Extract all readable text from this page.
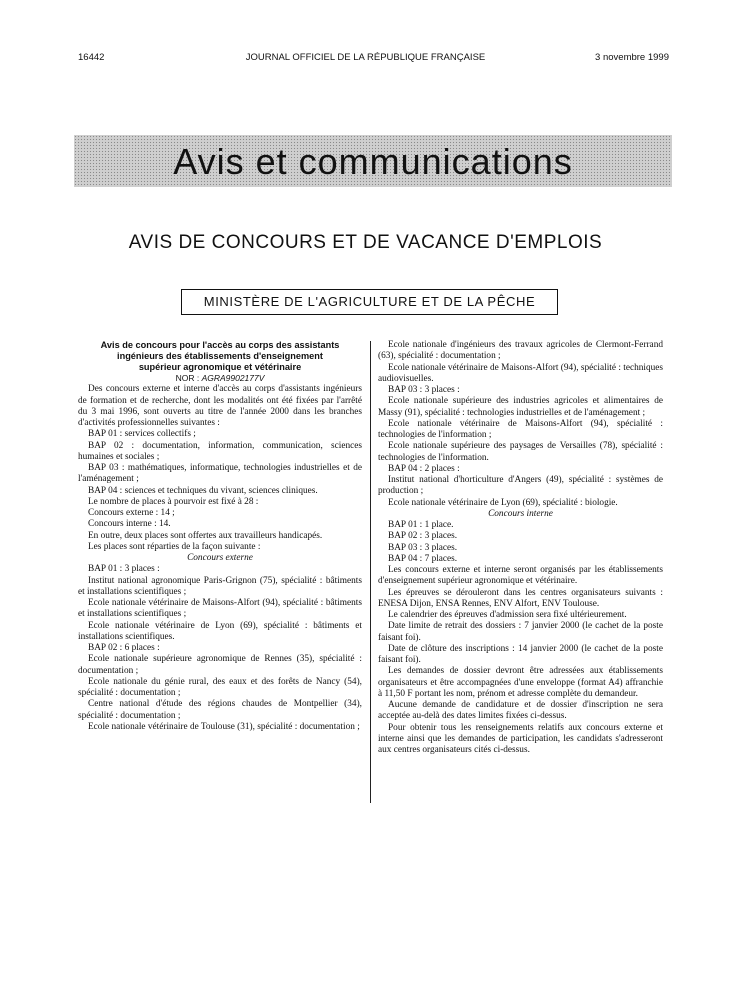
16442	JOURNAL OFFICIEL DE LA RÉPUBLIQUE FRANÇAISE	3 novembre 1999
Avis et communications
AVIS DE CONCOURS ET DE VACANCE D'EMPLOIS
MINISTÈRE DE L'AGRICULTURE ET DE LA PÊCHE

Avis de concours pour l'accès au corps des assistants

ingénieurs des établissements d'enseignement

supérieur agronomique et vétérinaire

NOR : AGRA9902177V

Des concours externe et interne d'accès au corps d'assistants ingénieurs de formation et de recherche, dont les modalités ont été fixées par l'arrêté du 3 mai 1996, sont ouverts au titre de l'année 2000 dans les branches d'activités professionnelles suivantes :

BAP 01 : services collectifs ;

BAP 02 : documentation, information, communication, sciences humaines et sociales ;

BAP 03 : mathématiques, informatique, technologies industrielles et de l'aménagement ;

BAP 04 : sciences et techniques du vivant, sciences cliniques.

Le nombre de places à pourvoir est fixé à 28 :

Concours externe : 14 ;

Concours interne : 14.

En outre, deux places sont offertes aux travailleurs handicapés.

Les places sont réparties de la façon suivante :

Concours externe

BAP 01 : 3 places :

Institut national agronomique Paris-Grignon (75), spécialité : bâtiments et installations scientifiques ;

Ecole nationale vétérinaire de Maisons-Alfort (94), spécialité : bâtiments et installations scientifiques ;

Ecole nationale vétérinaire de Lyon (69), spécialité : bâtiments et installations scientifiques.

BAP 02 : 6 places :

Ecole nationale supérieure agronomique de Rennes (35), spécialité : documentation ;

Ecole nationale du génie rural, des eaux et des forêts de Nancy (54), spécialité : documentation ;

Centre national d'étude des régions chaudes de Montpellier (34), spécialité : documentation ;

Ecole nationale vétérinaire de Toulouse (31), spécialité : documentation ;

Ecole nationale d'ingénieurs des travaux agricoles de Clermont-Ferrand (63), spécialité : documentation ;

Ecole nationale vétérinaire de Maisons-Alfort (94), spécialité : techniques audiovisuelles.

BAP 03 : 3 places :

Ecole nationale supérieure des industries agricoles et alimentaires de Massy (91), spécialité : technologies industrielles et de l'aménagement ;

Ecole nationale vétérinaire de Maisons-Alfort (94), spécialité : technologies de l'information ;

Ecole nationale supérieure des paysages de Versailles (78), spécialité : technologies de l'information.

BAP 04 : 2 places :

Institut national d'horticulture d'Angers (49), spécialité : systèmes de production ;

Ecole nationale vétérinaire de Lyon (69), spécialité : biologie.

Concours interne

BAP 01 : 1 place.

BAP 02 : 3 places.

BAP 03 : 3 places.

BAP 04 : 7 places.

Les concours externe et interne seront organisés par les établissements d'enseignement supérieur agronomique et vétérinaire.

Les épreuves se dérouleront dans les centres organisateurs suivants : ENESA Dijon, ENSA Rennes, ENV Alfort, ENV Toulouse.

Le calendrier des épreuves d'admission sera fixé ultérieurement.

Date limite de retrait des dossiers : 7 janvier 2000 (le cachet de la poste faisant foi).

Date de clôture des inscriptions : 14 janvier 2000 (le cachet de la poste faisant foi).

Les demandes de dossier devront être adressées aux établissements organisateurs et être accompagnées d'une enveloppe (format A4) affranchie à 11,50 F portant les nom, prénom et adresse complète du demandeur.

Aucune demande de candidature et de dossier d'inscription ne sera acceptée au-delà des dates limites fixées ci-dessus.

Pour obtenir tous les renseignements relatifs aux concours externe et interne ainsi que les demandes de participation, les candidats s'adresseront aux centres organisateurs cités ci-dessus.
